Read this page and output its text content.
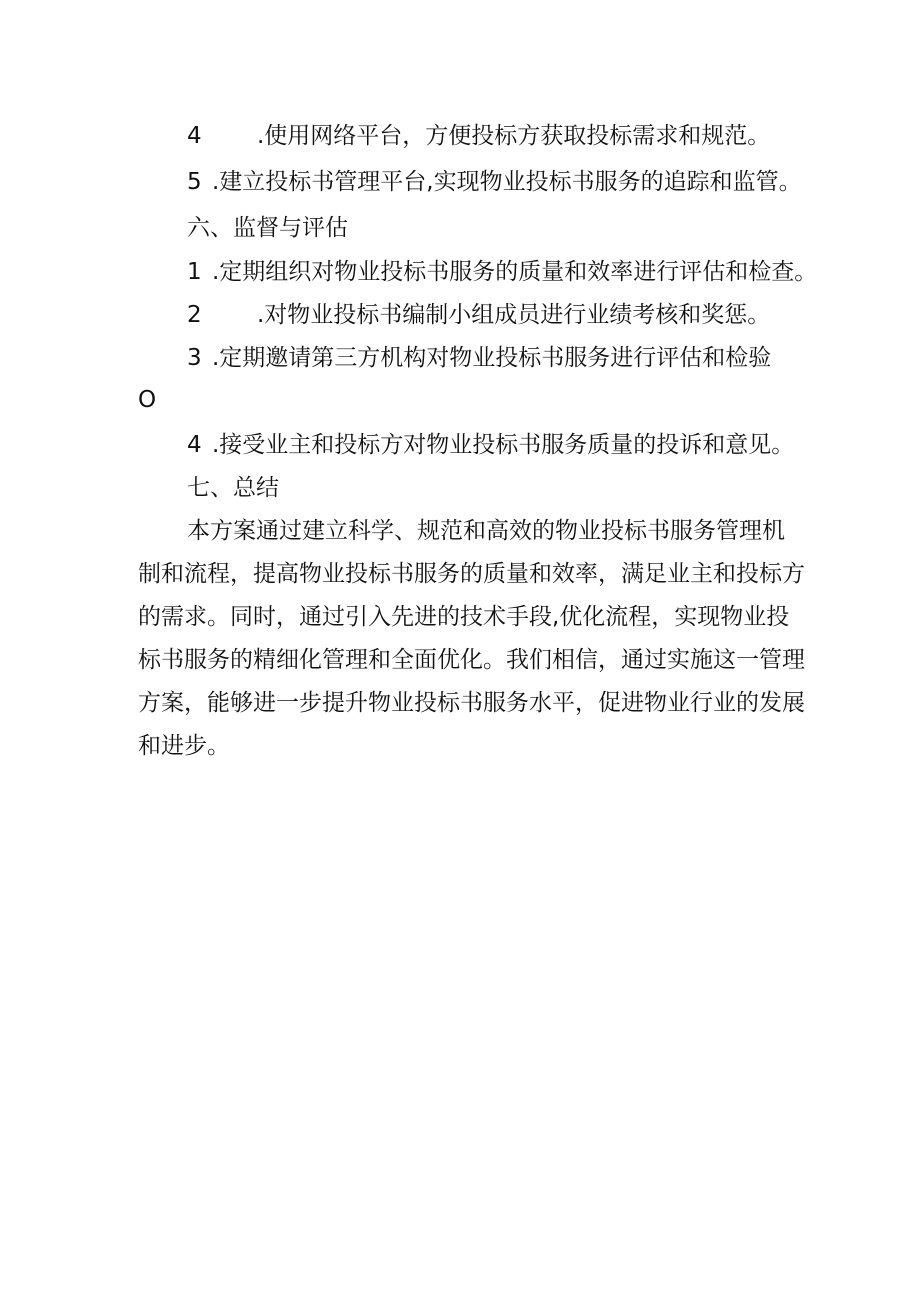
4 .使用网络平台，方便投标方获取投标需求和规范。
5 .建立投标书管理平台,实现物业投标书服务的追踪和监管。
六、监督与评估
1 .定期组织对物业投标书服务的质量和效率进行评估和检查。
2 .对物业投标书编制小组成员进行业绩考核和奖惩。
3 .定期邀请第三方机构对物业投标书服务进行评估和检验
O
4 .接受业主和投标方对物业投标书服务质量的投诉和意见。
七、总结
本方案通过建立科学、规范和高效的物业投标书服务管理机
制和流程，提高物业投标书服务的质量和效率，满足业主和投标方
的需求。同时，通过引入先进的技术手段,优化流程，实现物业投
标书服务的精细化管理和全面优化。我们相信，通过实施这一管理
方案，能够进一步提升物业投标书服务水平，促进物业行业的发展
和进步。
